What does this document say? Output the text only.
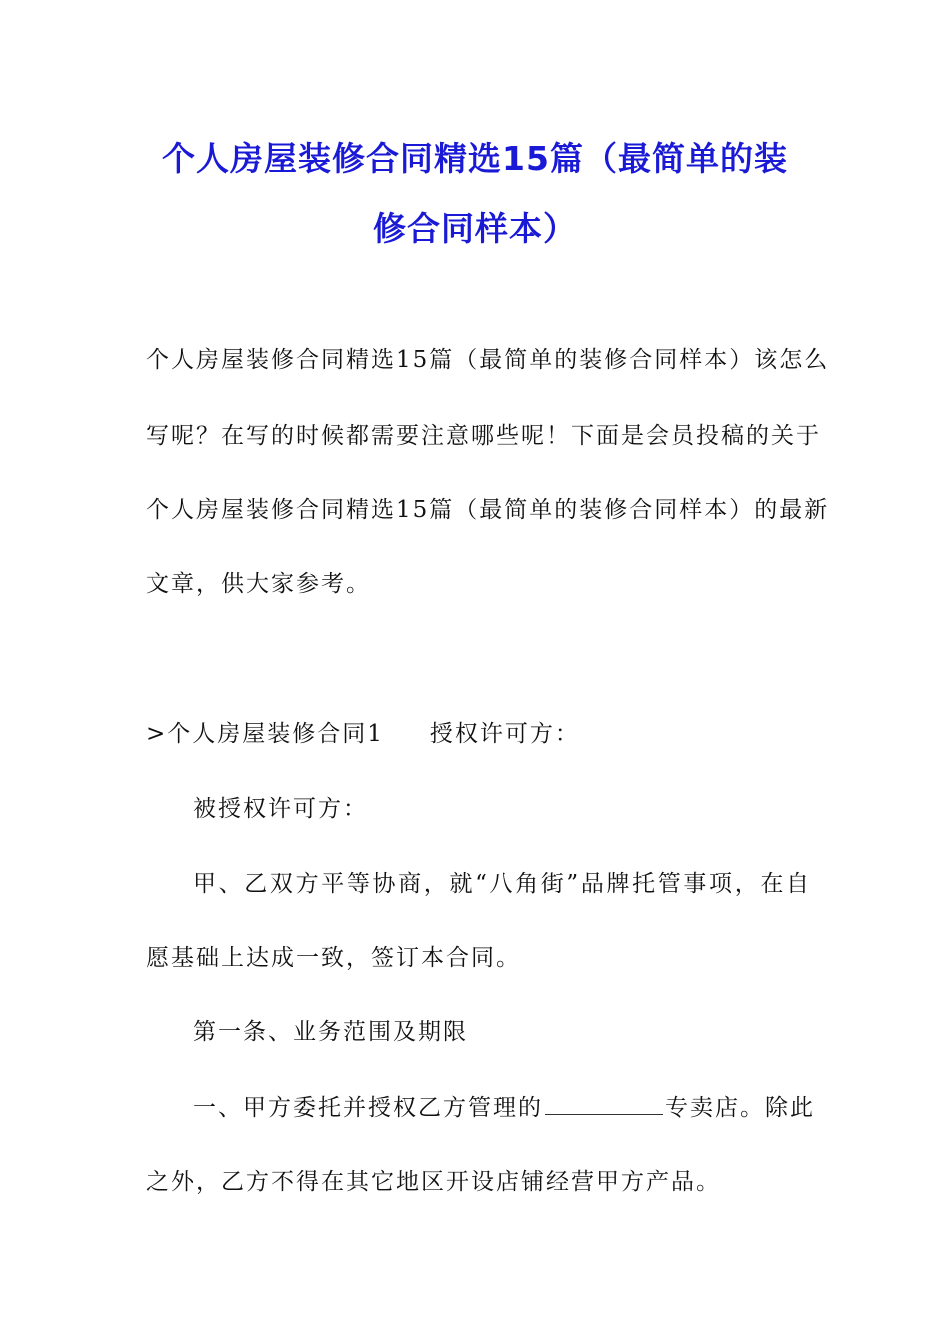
个人房屋装修合同精选15篇（最简单的装
修合同样本）
个人房屋装修合同精选15篇（最简单的装修合同样本）该怎么
写呢？在写的时候都需要注意哪些呢！下面是会员投稿的关于
个人房屋装修合同精选15篇（最简单的装修合同样本）的最新
文章，供大家参考。
>个人房屋装修合同1 授权许可方：
被授权许可方：
甲、乙双方平等协商，就“八角街”品牌托管事项，在自
愿基础上达成一致，签订本合同。
第一条、业务范围及期限
一、甲方委托并授权乙方管理的	专卖店。除此
之外，乙方不得在其它地区开设店铺经营甲方产品。
